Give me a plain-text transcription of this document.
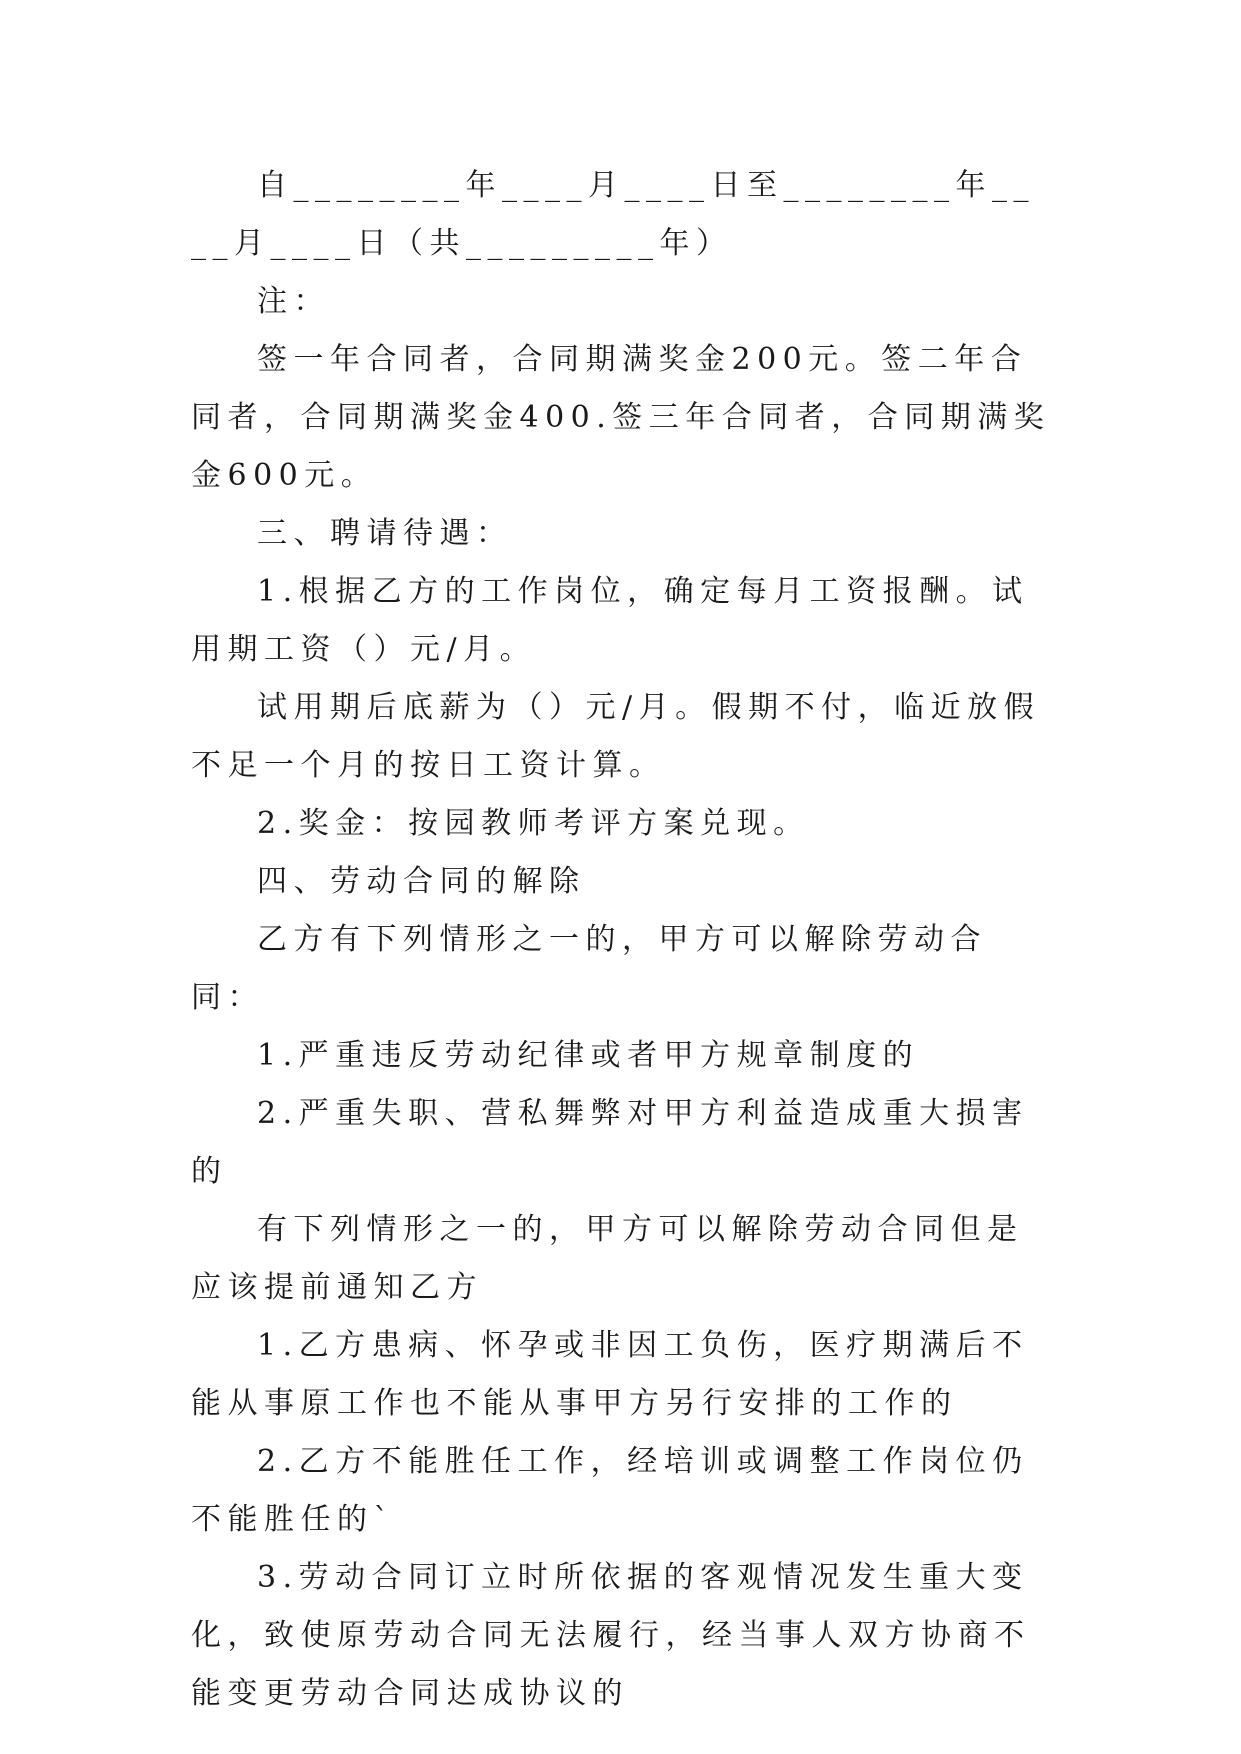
自________年____月____日至________年____月____日（共_________年）

注：

签一年合同者，合同期满奖金200元。签二年合同者，合同期满奖金400.签三年合同者，合同期满奖金600元。

三、聘请待遇：

1.根据乙方的工作岗位，确定每月工资报酬。试用期工资（）元/月。

试用期后底薪为（）元/月。假期不付，临近放假不足一个月的按日工资计算。

2.奖金：按园教师考评方案兑现。

四、劳动合同的解除

乙方有下列情形之一的，甲方可以解除劳动合同：

1.严重违反劳动纪律或者甲方规章制度的

2.严重失职、营私舞弊对甲方利益造成重大损害的

有下列情形之一的，甲方可以解除劳动合同但是应该提前通知乙方

1.乙方患病、怀孕或非因工负伤，医疗期满后不能从事原工作也不能从事甲方另行安排的工作的

2.乙方不能胜任工作，经培训或调整工作岗位仍不能胜任的`

3.劳动合同订立时所依据的客观情况发生重大变化，致使原劳动合同无法履行，经当事人双方协商不能变更劳动合同达成协议的
